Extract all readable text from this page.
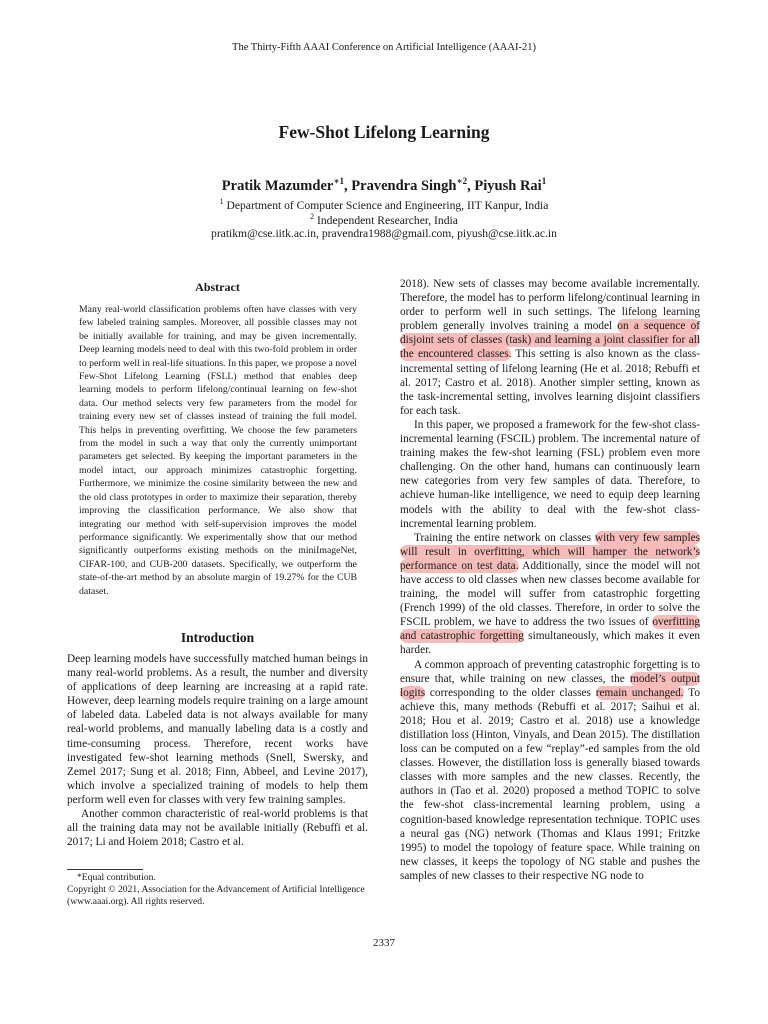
The Thirty-Fifth AAAI Conference on Artificial Intelligence (AAAI-21)
Few-Shot Lifelong Learning
Pratik Mazumder$^{∗1}$, Pravendra Singh$^{∗2}$, Piyush Rai$^1$
$^1$ Department of Computer Science and Engineering, IIT Kanpur, India
$^2$ Independent Researcher, India
pratikm@cse.iitk.ac.in, pravendra1988@gmail.com, piyush@cse.iitk.ac.in
Abstract
Many real-world classification problems often have classes with very few labeled training samples. Moreover, all possible classes may not be initially available for training, and may be given incrementally. Deep learning models need to deal with this two-fold problem in order to perform well in real-life situations. In this paper, we propose a novel Few-Shot Lifelong Learning (FSLL) method that enables deep learning models to perform lifelong/continual learning on few-shot data. Our method selects very few parameters from the model for training every new set of classes instead of training the full model. This helps in preventing overfitting. We choose the few parameters from the model in such a way that only the currently unimportant parameters get selected. By keeping the important parameters in the model intact, our approach minimizes catastrophic forgetting. Furthermore, we minimize the cosine similarity between the new and the old class prototypes in order to maximize their separation, thereby improving the classification performance. We also show that integrating our method with self-supervision improves the model performance significantly. We experimentally show that our method significantly outperforms existing methods on the miniImageNet, CIFAR-100, and CUB-200 datasets. Specifically, we outperform the state-of-the-art method by an absolute margin of 19.27% for the CUB dataset.
Introduction

Deep learning models have successfully matched human beings in many real-world problems. As a result, the number and diversity of applications of deep learning are increasing at a rapid rate. However, deep learning models require training on a large amount of labeled data. Labeled data is not always available for many real-world problems, and manually labeling data is a costly and time-consuming process. Therefore, recent works have investigated few-shot learning methods (Snell, Swersky, and Zemel 2017; Sung et al. 2018; Finn, Abbeel, and Levine 2017), which involve a specialized training of models to help them perform well even for classes with very few training samples.

Another common characteristic of real-world problems is that all the training data may not be available initially (Rebuffi et al. 2017; Li and Hoiem 2018; Castro et al.

*Equal contribution.

Copyright © 2021, Association for the Advancement of Artificial Intelligence (www.aaai.org). All rights reserved.

2018). New sets of classes may become available incrementally. Therefore, the model has to perform lifelong/continual learning in order to perform well in such settings. The lifelong learning problem generally involves training a model on a sequence of disjoint sets of classes (task) and learning a joint classifier for all the encountered classes. This setting is also known as the class-incremental setting of lifelong learning (He et al. 2018; Rebuffi et al. 2017; Castro et al. 2018). Another simpler setting, known as the task-incremental setting, involves learning disjoint classifiers for each task.

In this paper, we proposed a framework for the few-shot class-incremental learning (FSCIL) problem. The incremental nature of training makes the few-shot learning (FSL) problem even more challenging. On the other hand, humans can continuously learn new categories from very few samples of data. Therefore, to achieve human-like intelligence, we need to equip deep learning models with the ability to deal with the few-shot class-incremental learning problem.

Training the entire network on classes with very few samples will result in overfitting, which will hamper the network’s performance on test data. Additionally, since the model will not have access to old classes when new classes become available for training, the model will suffer from catastrophic forgetting (French 1999) of the old classes. Therefore, in order to solve the FSCIL problem, we have to address the two issues of overfitting and catastrophic forgetting simultaneously, which makes it even harder.

A common approach of preventing catastrophic forgetting is to ensure that, while training on new classes, the model’s output logits corresponding to the older classes remain unchanged. To achieve this, many methods (Rebuffi et al. 2017; Saihui et al. 2018; Hou et al. 2019; Castro et al. 2018) use a knowledge distillation loss (Hinton, Vinyals, and Dean 2015). The distillation loss can be computed on a few “replay”-ed samples from the old classes. However, the distillation loss is generally biased towards classes with more samples and the new classes. Recently, the authors in (Tao et al. 2020) proposed a method TOPIC to solve the few-shot class-incremental learning problem, using a cognition-based knowledge representation technique. TOPIC uses a neural gas (NG) network (Thomas and Klaus 1991; Fritzke 1995) to model the topology of feature space. While training on new classes, it keeps the topology of NG stable and pushes the samples of new classes to their respective NG node to

2337
